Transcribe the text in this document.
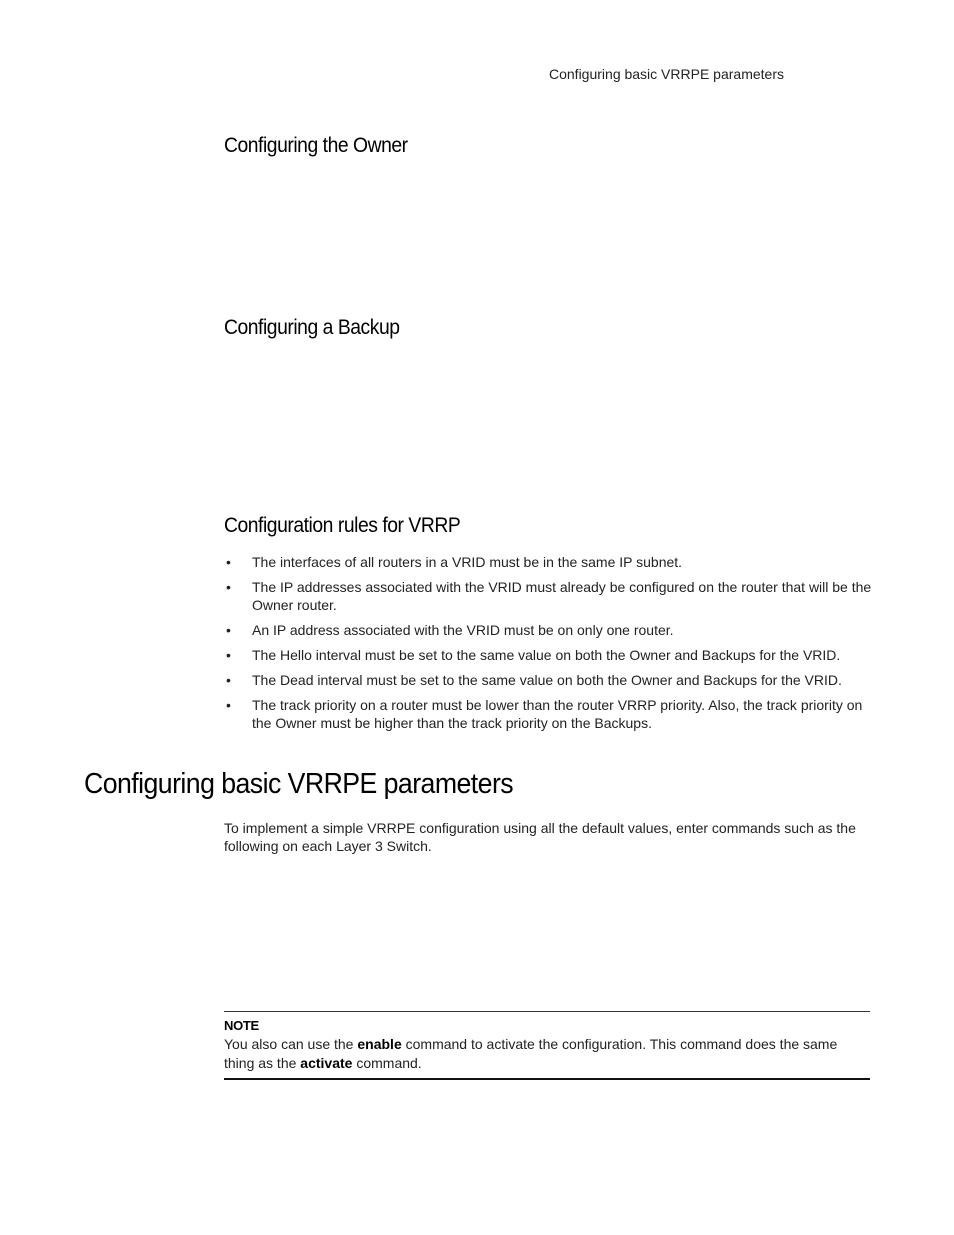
Configuring basic VRRPE parameters
Configuring the Owner
Configuring a Backup
Configuration rules for VRRP
• The interfaces of all routers in a VRID must be in the same IP subnet.
• The IP addresses associated with the VRID must already be configured on the router that will be the Owner router.
• An IP address associated with the VRID must be on only one router.
• The Hello interval must be set to the same value on both the Owner and Backups for the VRID.
• The Dead interval must be set to the same value on both the Owner and Backups for the VRID.
• The track priority on a router must be lower than the router VRRP priority. Also, the track priority on the Owner must be higher than the track priority on the Backups.
Configuring basic VRRPE parameters

To implement a simple VRRPE configuration using all the default values, enter commands such as the following on each Layer 3 Switch.

NOTE
You also can use the enable command to activate the configuration. This command does the same thing as the activate command.
